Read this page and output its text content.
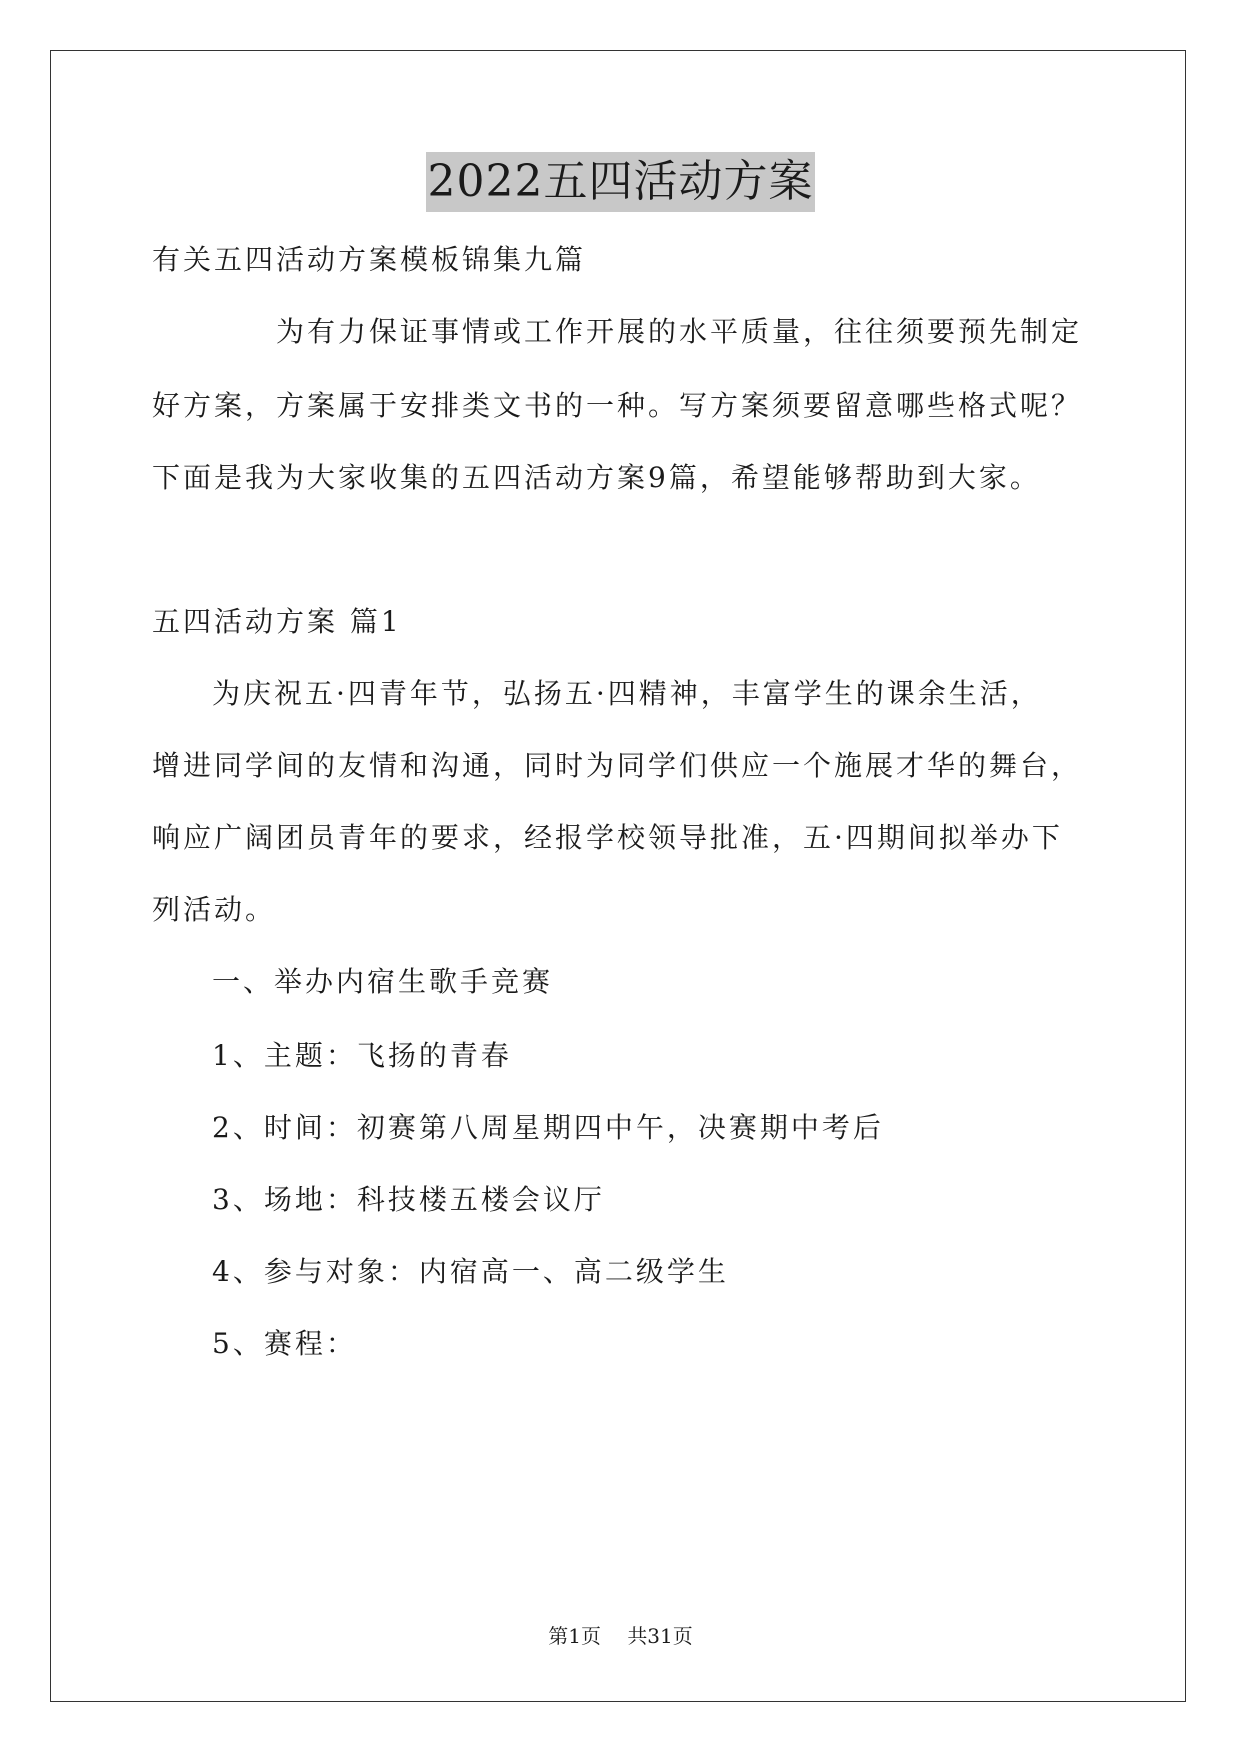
2022五四活动方案
有关五四活动方案模板锦集九篇
为有力保证事情或工作开展的水平质量，往往须要预先制定
好方案，方案属于安排类文书的一种。写方案须要留意哪些格式呢？
下面是我为大家收集的五四活动方案9篇，希望能够帮助到大家。
五四活动方案 篇1
为庆祝五·四青年节，弘扬五·四精神，丰富学生的课余生活，
增进同学间的友情和沟通，同时为同学们供应一个施展才华的舞台，
响应广阔团员青年的要求，经报学校领导批准，五·四期间拟举办下
列活动。
一、举办内宿生歌手竞赛
1、主题：飞扬的青春
2、时间：初赛第八周星期四中午，决赛期中考后
3、场地：科技楼五楼会议厅
4、参与对象：内宿高一、高二级学生
5、赛程：
第1页 共31页
